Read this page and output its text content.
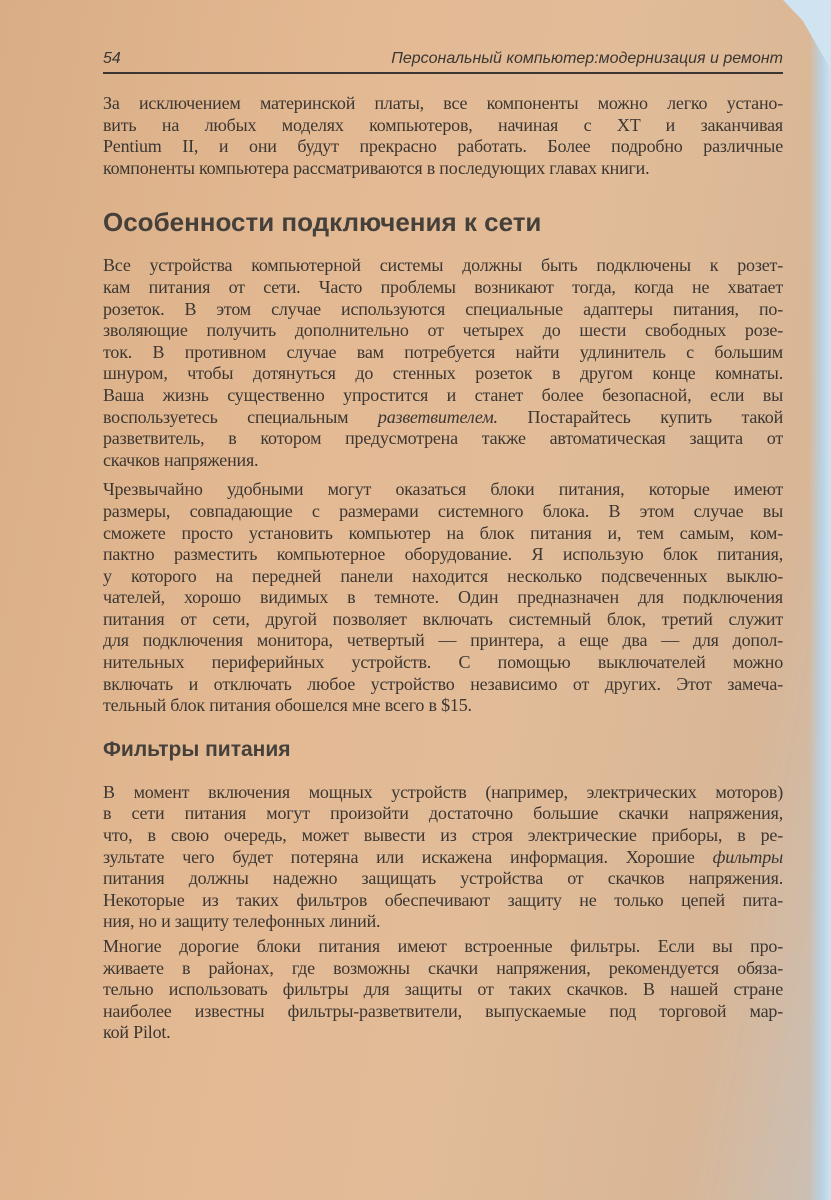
54	Персональный компьютер:модернизация и ремонт
За исключением материнской платы, все компоненты можно легко устано-
вить на любых моделях компьютеров, начиная с XT и заканчивая
Pentium II, и они будут прекрасно работать. Более подробно различные
компоненты компьютера рассматриваются в последующих главах книги.
Особенности подключения к сети
Все устройства компьютерной системы должны быть подключены к розет-
кам питания от сети. Часто проблемы возникают тогда, когда не хватает
розеток. В этом случае используются специальные адаптеры питания, по-
зволяющие получить дополнительно от четырех до шести свободных розе-
ток. В противном случае вам потребуется найти удлинитель с большим
шнуром, чтобы дотянуться до стенных розеток в другом конце комнаты.
Ваша жизнь существенно упростится и станет более безопасной, если вы
воспользуетесь специальным разветвителем. Постарайтесь купить такой
разветвитель, в котором предусмотрена также автоматическая защита от
скачков напряжения.
Чрезвычайно удобными могут оказаться блоки питания, которые имеют
размеры, совпадающие с размерами системного блока. В этом случае вы
сможете просто установить компьютер на блок питания и, тем самым, ком-
пактно разместить компьютерное оборудование. Я использую блок питания,
у которого на передней панели находится несколько подсвеченных выклю-
чателей, хорошо видимых в темноте. Один предназначен для подключения
питания от сети, другой позволяет включать системный блок, третий служит
для подключения монитора, четвертый — принтера, а еще два — для допол-
нительных периферийных устройств. С помощью выключателей можно
включать и отключать любое устройство независимо от других. Этот замеча-
тельный блок питания обошелся мне всего в $15.
Фильтры питания
В момент включения мощных устройств (например, электрических моторов)
в сети питания могут произойти достаточно большие скачки напряжения,
что, в свою очередь, может вывести из строя электрические приборы, в ре-
зультате чего будет потеряна или искажена информация. Хорошие фильтры
питания должны надежно защищать устройства от скачков напряжения.
Некоторые из таких фильтров обеспечивают защиту не только цепей пита-
ния, но и защиту телефонных линий.
Многие дорогие блоки питания имеют встроенные фильтры. Если вы про-
живаете в районах, где возможны скачки напряжения, рекомендуется обяза-
тельно использовать фильтры для защиты от таких скачков. В нашей стране
наиболее известны фильтры-разветвители, выпускаемые под торговой мар-
кой Pilot.
